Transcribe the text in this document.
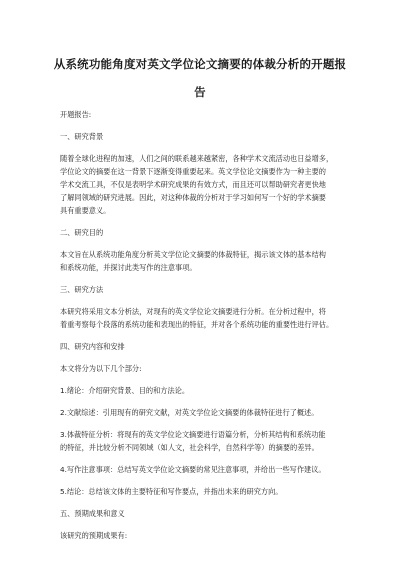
从系统功能角度对英文学位论文摘要的体裁分析的开题报
告

开题报告:

一、研究背景

随着全球化进程的加速，人们之间的联系越来越紧密，各种学术文流活动也日益增多，

学位论文的摘要在这一背景下逐渐变得重要起来。英文学位论文摘要作为一种主要的

学术交流工具，不仅是表明学术研究成果的有效方式，而且还可以帮助研究者更快地

了解同领域的研究进展。因此，对这种体裁的分析对于学习如何写一个好的学术摘要

具有重要意义。

二、研究目的

本文旨在从系统功能角度分析英文学位论文摘要的体裁特征，揭示该文体的基本结构

和系统功能，并探讨此类写作的注意事项。

三、研究方法

本研究将采用文本分析法，对现有的英文学位论文摘要进行分析。在分析过程中，将

着重考察每个段落的系统功能和表现出的特征，并对各个系统功能的重要性进行评估。

四、研究内容和安排

本文将分为以下几个部分:

1.绪论：介绍研究背景、目的和方法论。

2.文献综述：引用现有的研究文献，对英文学位论文摘要的体裁特征进行了概述。

3.体裁特征分析：将现有的英文学位论文摘要进行语篇分析，分析其结构和系统功能

的特征，并比较分析不同领域（如人文，社会科学，自然科学等）的摘要的差异。

4.写作注意事项：总结写英文学位论文摘要的常见注意事项，并给出一些写作建议。

5.结论：总结该文体的主要特征和写作要点，并指出未来的研究方向。

五、预期成果和意义

该研究的预期成果有:
